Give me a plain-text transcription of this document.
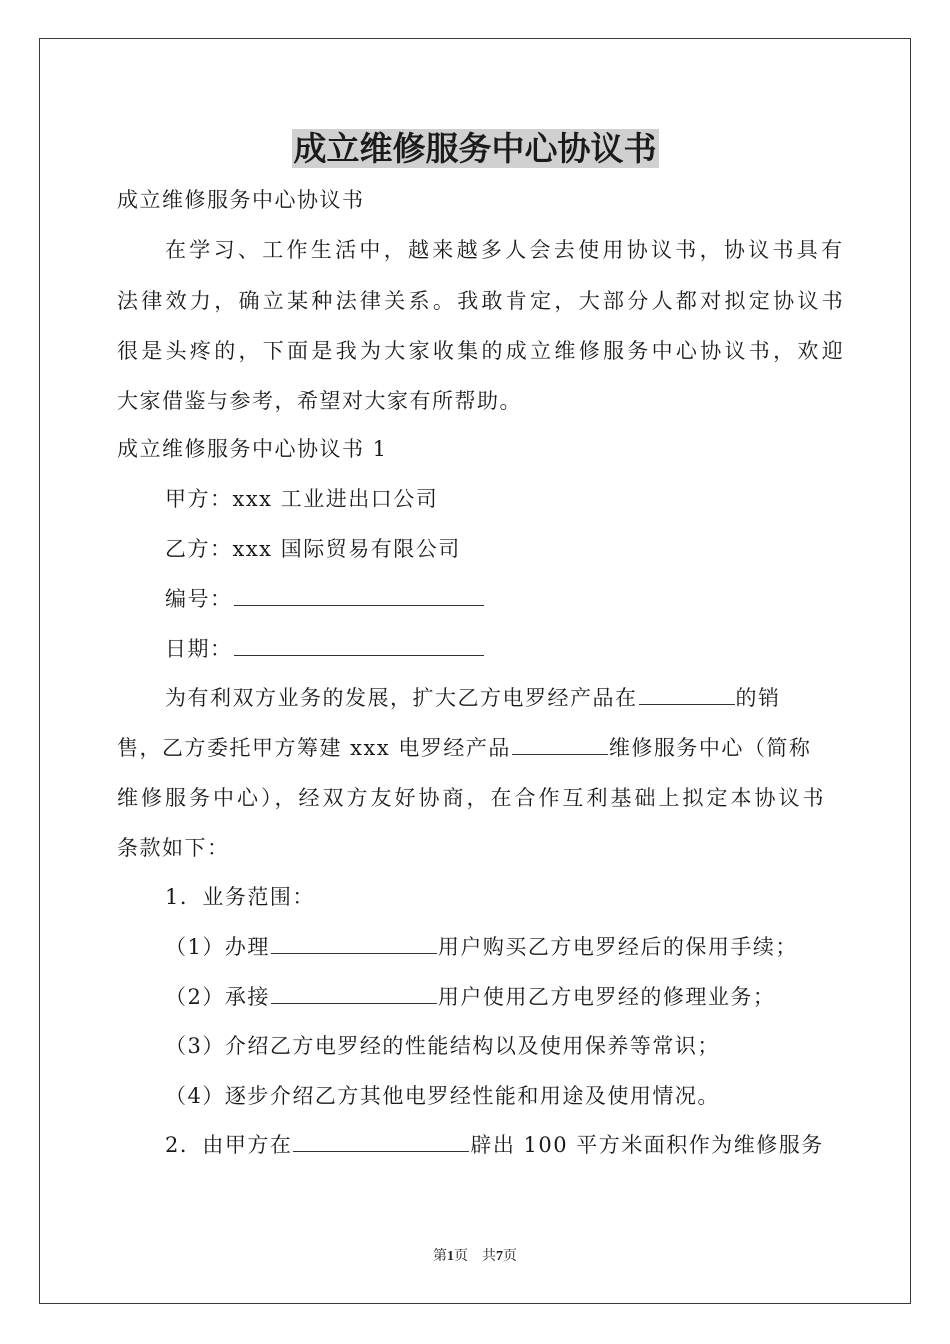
成立维修服务中心协议书
成立维修服务中心协议书
在学习、工作生活中，越来越多人会去使用协议书，协议书具有
法律效力，确立某种法律关系。我敢肯定，大部分人都对拟定协议书
很是头疼的，下面是我为大家收集的成立维修服务中心协议书，欢迎
大家借鉴与参考，希望对大家有所帮助。
成立维修服务中心协议书 1
甲方：xxx 工业进出口公司
乙方：xxx 国际贸易有限公司
编号：
日期：
为有利双方业务的发展，扩大乙方电罗经产品在	的销
售，乙方委托甲方筹建 xxx 电罗经产品	维修服务中心（简称
维修服务中心），经双方友好协商，在合作互利基础上拟定本协议书
条款如下：
1．业务范围：
（1）办理	用户购买乙方电罗经后的保用手续；
（2）承接	用户使用乙方电罗经的修理业务；
（3）介绍乙方电罗经的性能结构以及使用保养等常识；
（4）逐步介绍乙方其他电罗经性能和用途及使用情况。
2．由甲方在	辟出 100 平方米面积作为维修服务
第1页　共7页
